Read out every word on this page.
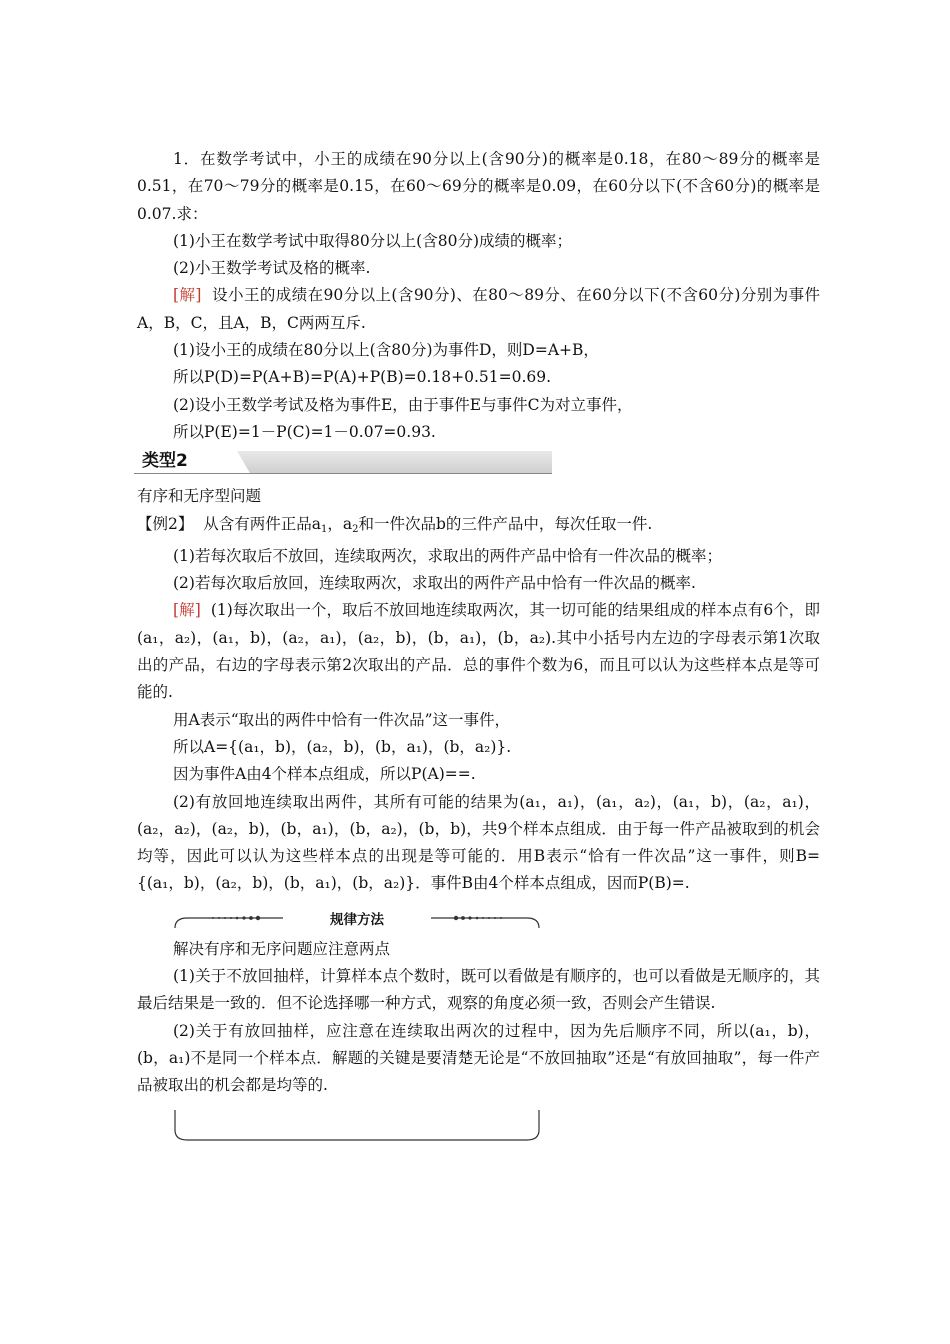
1．在数学考试中，小王的成绩在90分以上(含90分)的概率是0.18，在80～89分的概率是0.51，在70～79分的概率是0.15，在60～69分的概率是0.09，在60分以下(不含60分)的概率是0.07.求：

(1)小王在数学考试中取得80分以上(含80分)成绩的概率；

(2)小王数学考试及格的概率.

[解] 设小王的成绩在90分以上(含90分)、在80～89分、在60分以下(不含60分)分别为事件A，B，C，且A，B，C两两互斥.

(1)设小王的成绩在80分以上(含80分)为事件D，则D=A+B，

所以P(D)=P(A+B)=P(A)+P(B)=0.18+0.51=0.69.

(2)设小王数学考试及格为事件E，由于事件E与事件C为对立事件，

所以P(E)=1－P(C)=1－0.07=0.93.

类型2

有序和无序型问题

【例2】 从含有两件正品$a_1$，$a_2$和一件次品b的三件产品中，每次任取一件.

(1)若每次取后不放回，连续取两次，求取出的两件产品中恰有一件次品的概率；

(2)若每次取后放回，连续取两次，求取出的两件产品中恰有一件次品的概率.

[解] (1)每次取出一个，取后不放回地连续取两次，其一切可能的结果组成的样本点有6个，即(a₁，a₂)，(a₁，b)，(a₂，a₁)，(a₂，b)，(b，a₁)，(b，a₂).其中小括号内左边的字母表示第1次取出的产品，右边的字母表示第2次取出的产品．总的事件个数为6，而且可以认为这些样本点是等可能的.

用A表示“取出的两件中恰有一件次品”这一事件，

所以A={(a₁，b)，(a₂，b)，(b，a₁)，(b，a₂)}.

因为事件A由4个样本点组成，所以P(A)==.

(2)有放回地连续取出两件，其所有可能的结果为(a₁，a₁)，(a₁，a₂)，(a₁，b)，(a₂，a₁)，(a₂，a₂)，(a₂，b)，(b，a₁)，(b，a₂)，(b，b)，共9个样本点组成．由于每一件产品被取到的机会均等，因此可以认为这些样本点的出现是等可能的．用B表示“恰有一件次品”这一事件，则B={(a₁，b)，(a₂，b)，(b，a₁)，(b，a₂)}．事件B由4个样本点组成，因而P(B)=.

规律方法

解决有序和无序问题应注意两点

(1)关于不放回抽样，计算样本点个数时，既可以看做是有顺序的，也可以看做是无顺序的，其最后结果是一致的．但不论选择哪一种方式，观察的角度必须一致，否则会产生错误.

(2)关于有放回抽样，应注意在连续取出两次的过程中，因为先后顺序不同，所以(a₁，b)，(b，a₁)不是同一个样本点．解题的关键是要清楚无论是“不放回抽取”还是“有放回抽取”，每一件产品被取出的机会都是均等的.
